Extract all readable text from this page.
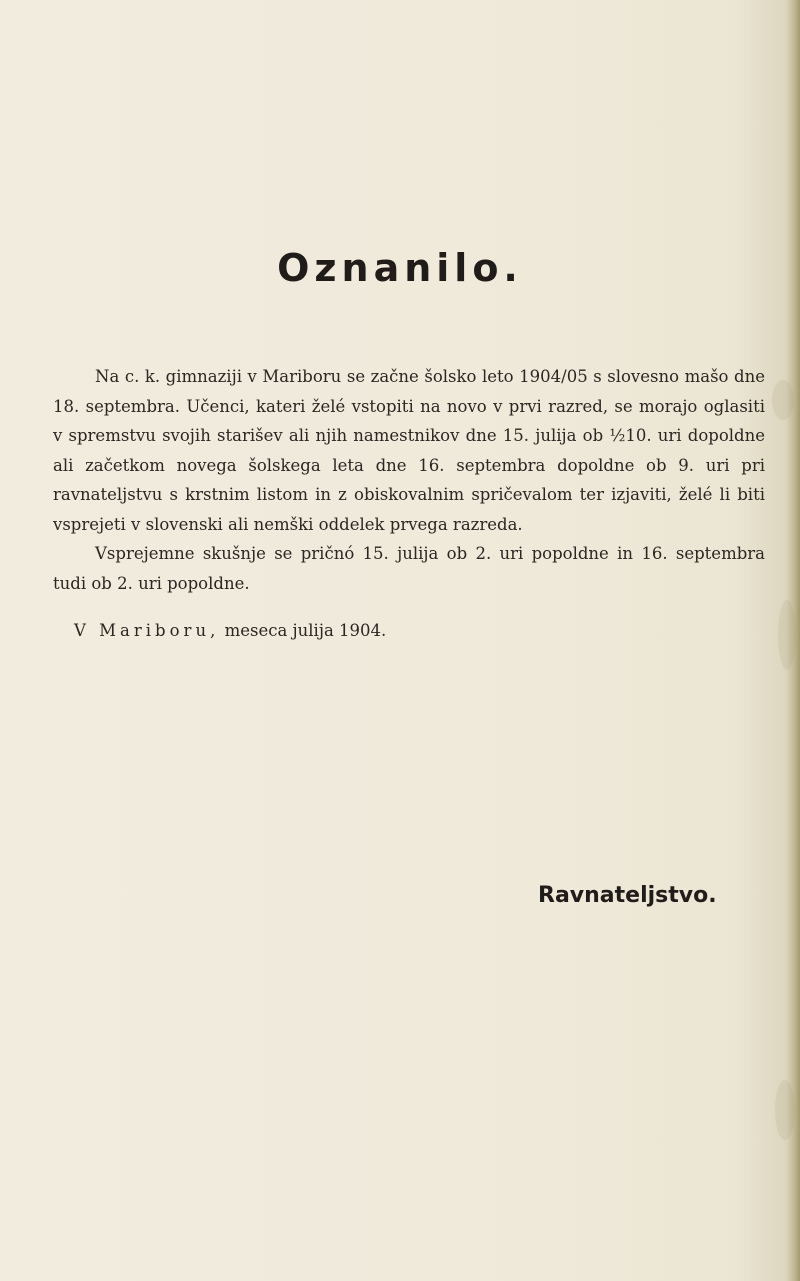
Oznanilo.

Na c. k. gimnaziji v Mariboru se začne šolsko leto 1904/05 s slovesno mašo dne 18. septembra. Učenci, kateri želé vstopiti na novo v prvi razred, se morajo oglasiti v spremstvu svojih starišev ali njih namestnikov dne 15. julija ob ½10. uri dopoldne ali začetkom novega šolskega leta dne 16. septembra dopoldne ob 9. uri pri ravnateljstvu s krstnim listom in z obiskovalnim spričevalom ter izjaviti, želé li biti vsprejeti v slovenski ali nemški oddelek prvega razreda.

Vsprejemne skušnje se pričnó 15. julija ob 2. uri popoldne in 16. septembra tudi ob 2. uri popoldne.

V Mariboru, meseca julija 1904.

Ravnateljstvo.
